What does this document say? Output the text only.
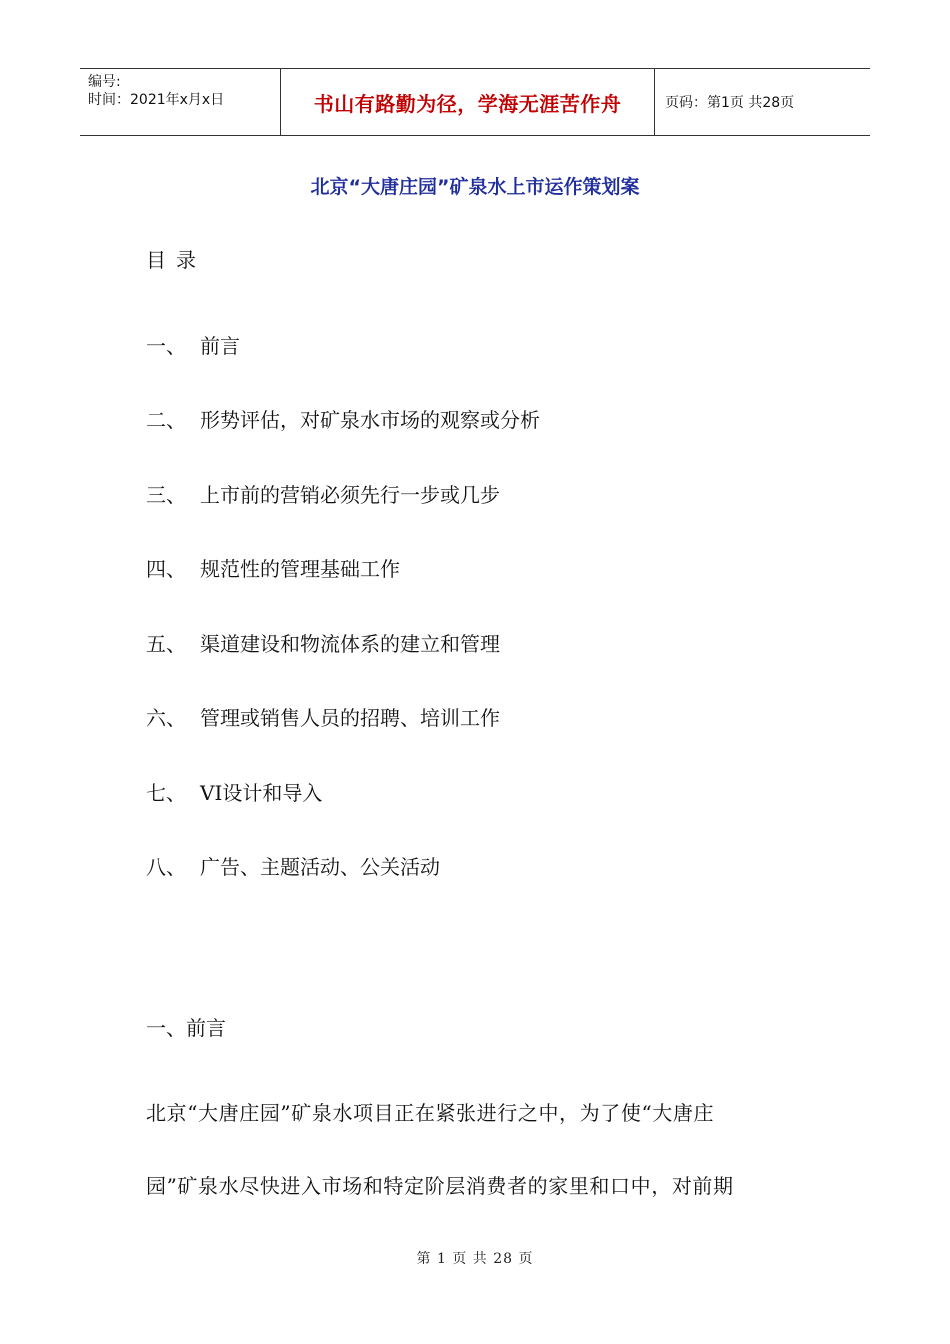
编号:
时间：2021年x月x日	书山有路勤为径，学海无涯苦作舟	页码：第1页 共28页
北京“大唐庄园”矿泉水上市运作策划案
目录
一、 前言
二、 形势评估，对矿泉水市场的观察或分析
三、 上市前的营销必须先行一步或几步
四、 规范性的管理基础工作
五、 渠道建设和物流体系的建立和管理
六、 管理或销售人员的招聘、培训工作
七、 VI设计和导入
八、 广告、主题活动、公关活动
一、前言
北京“大唐庄园”矿泉水项目正在紧张进行之中，为了使“大唐庄
园”矿泉水尽快进入市场和特定阶层消费者的家里和口中，对前期
第 1 页 共 28 页
